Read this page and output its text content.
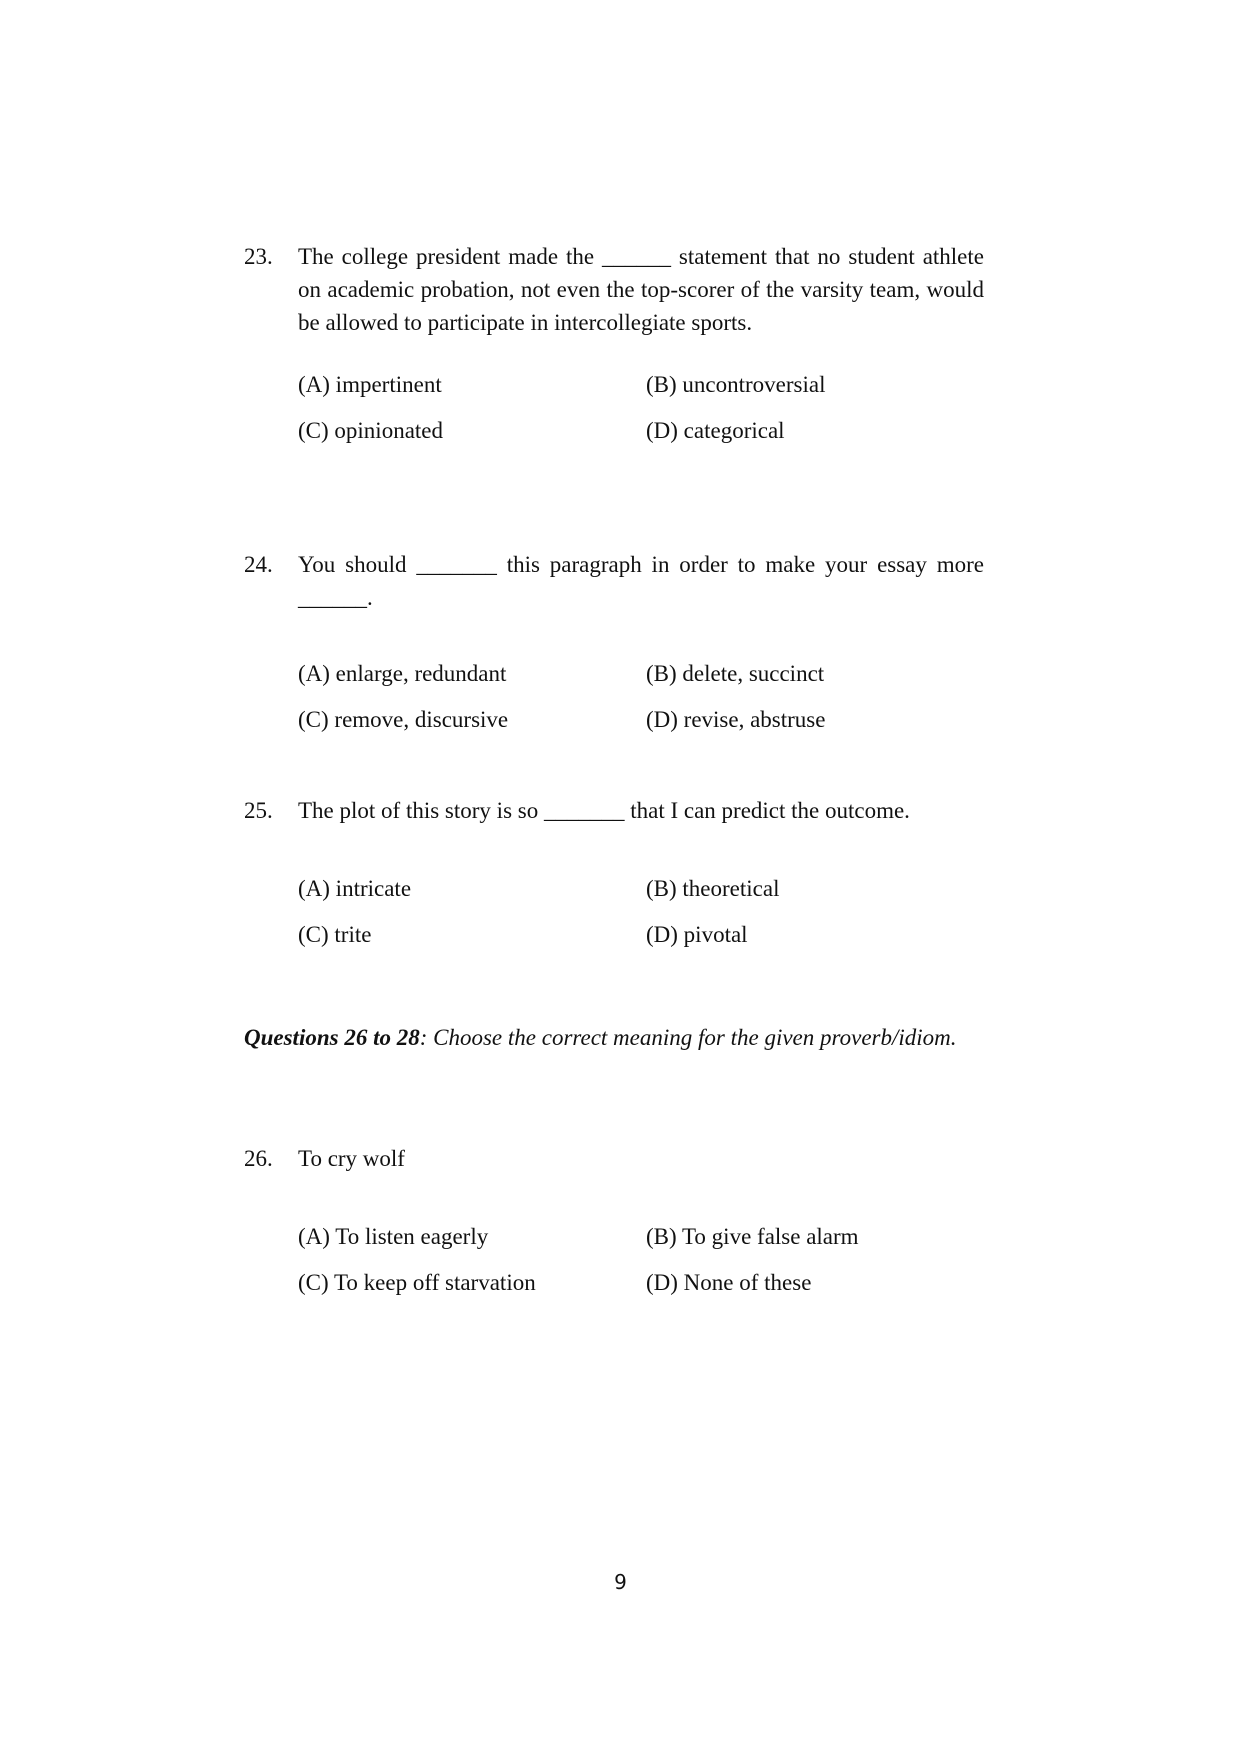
23.	The college president made the ______ statement that no student athlete on academic probation, not even the top-scorer of the varsity team, would be allowed to participate in intercollegiate sports.
(A) impertinent	(B) uncontroversial
(C) opinionated	(D) categorical
24.	You should _______ this paragraph in order to make your essay more ______.
(A) enlarge, redundant	(B) delete, succinct
(C) remove, discursive	(D) revise, abstruse
25.	The plot of this story is so _______ that I can predict the outcome.
(A) intricate	(B) theoretical
(C) trite	(D) pivotal
Questions 26 to 28: Choose the correct meaning for the given proverb/idiom.
26.	To cry wolf
(A) To listen eagerly	(B) To give false alarm
(C) To keep off starvation	(D) None of these
9
